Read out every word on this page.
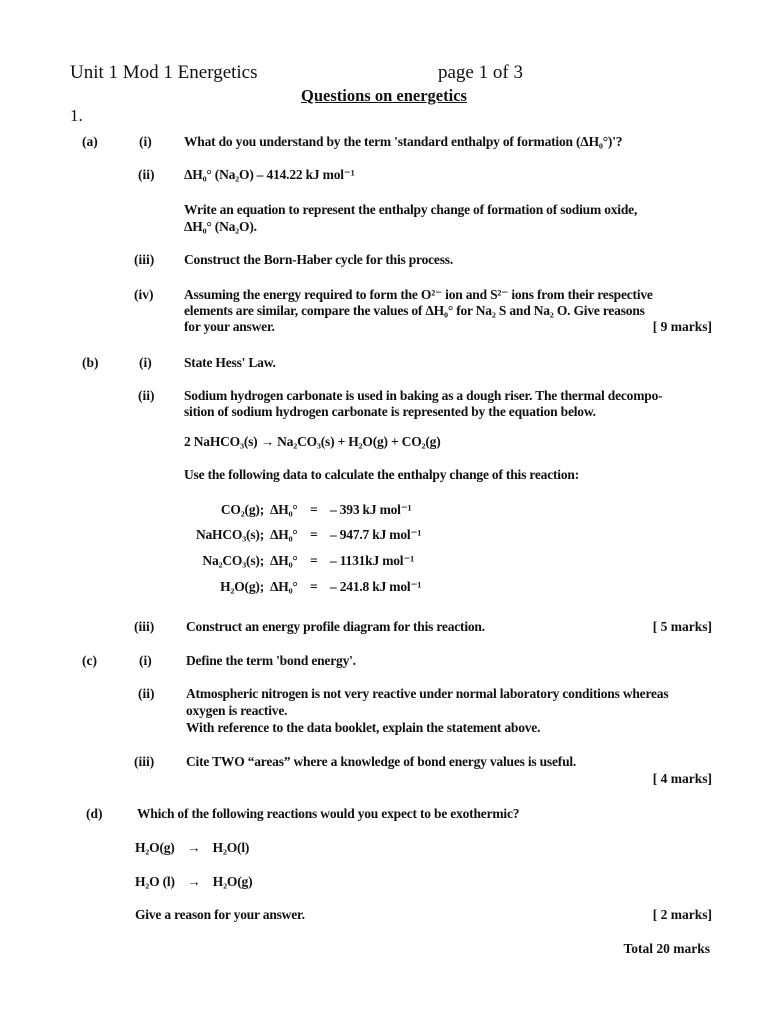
Unit 1 Mod 1 Energetics	page 1 of 3
Questions on energetics
1.
(a)	(i) What do you understand by the term 'standard enthalpy of formation (ΔH₀°)'?
(ii) ΔH₀° (Na₂O) – 414.22 kJ mol⁻¹
Write an equation to represent the enthalpy change of formation of sodium oxide,
ΔH₀° (Na₂O).
(iii) Construct the Born-Haber cycle for this process.
(iv) Assuming the energy required to form the O²⁻ ion and S²⁻ ions from their respective
elements are similar, compare the values of ΔH₀° for Na₂ S and Na₂ O. Give reasons
for your answer.	[ 9 marks]
(b)	(i) State Hess' Law.
(ii) Sodium hydrogen carbonate is used in baking as a dough riser. The thermal decompo-
sition of sodium hydrogen carbonate is represented by the equation below.
2 NaHCO₃(s) → Na₂CO₃(s) + H₂O(g) + CO₂(g)
Use the following data to calculate the enthalpy change of this reaction:
CO₂(g); ΔH₀° = – 393 kJ mol⁻¹
NaHCO₃(s); ΔH₀° = – 947.7 kJ mol⁻¹
Na₂CO₃(s); ΔH₀° = – 1131kJ mol⁻¹
H₂O(g); ΔH₀° = – 241.8 kJ mol⁻¹
(iii) Construct an energy profile diagram for this reaction.	[ 5 marks]
(c)	(i)	Define the term 'bond energy'.
(ii) Atmospheric nitrogen is not very reactive under normal laboratory conditions whereas
oxygen is reactive.
With reference to the data booklet, explain the statement above.
(iii) Cite TWO “areas” where a knowledge of bond energy values is useful.
[ 4 marks]
(d)	Which of the following reactions would you expect to be exothermic?
H₂O(g) → H₂O(l)
H₂O (l) → H₂O(g)
Give a reason for your answer.	[ 2 marks]
Total 20 marks
